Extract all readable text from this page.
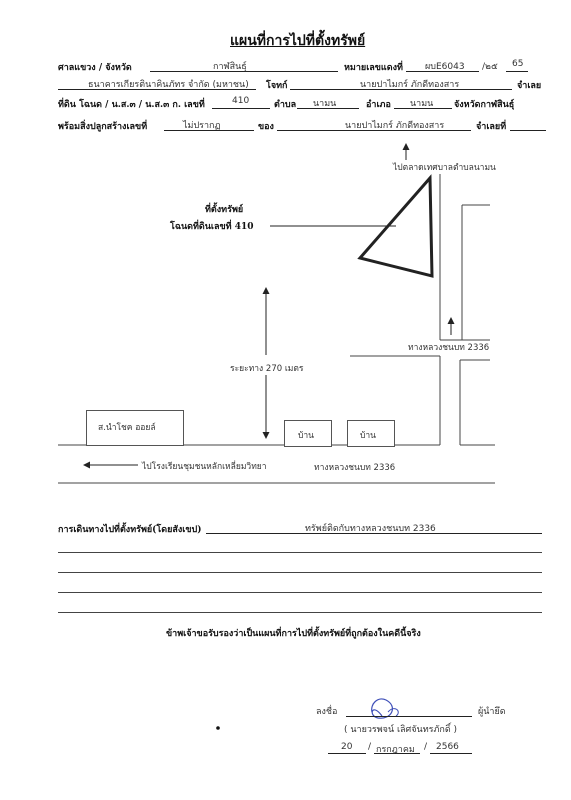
แผนที่การไปที่ตั้งทรัพย์
ศาลแขวง / จังหวัด	กาฬสินธุ์	หมายเลขแดงที่ ผบE6043 /๒๕ 65
ธนาคารเกียรตินาคินภัทร จำกัด (มหาชน) โจทก์	นายปาไมกร์ ภักดีทองสาร	จำเลย
ที่ดิน โฉนด / น.ส.๓ / น.ส.๓ ก. เลขที่	410	ตำบล นามน	อำเภอ นามน จังหวัดกาฬสินธุ์
พร้อมสิ่งปลูกสร้างเลขที่	ไม่ปรากฏ	ของ	นายปาไมกร์ ภักดีทองสาร	จำเลยที่
ไปตลาดเทศบาลตำบลนามน
ที่ตั้งทรัพย์
โฉนดที่ดินเลขที่ 410
ระยะทาง 270 เมตร
ทางหลวงชนบท 2336
ส.นำโชค ออยล์
บ้าน	บ้าน
ไปโรงเรียนชุมชนหลักเหลี่ยมวิทยา	ทางหลวงชนบท 2336
การเดินทางไปที่ตั้งทรัพย์(โดยสังเขป)	ทรัพย์ติดกับทางหลวงชนบท 2336
ข้าพเจ้าขอรับรองว่าเป็นแผนที่การไปที่ตั้งทรัพย์ที่ถูกต้องในคดีนี้จริง
ลงชื่อ	ผู้นำยึด
( นายวรพจน์ เลิศจันทรภักดิ์ )
20 / กรกฎาคม / 2566
